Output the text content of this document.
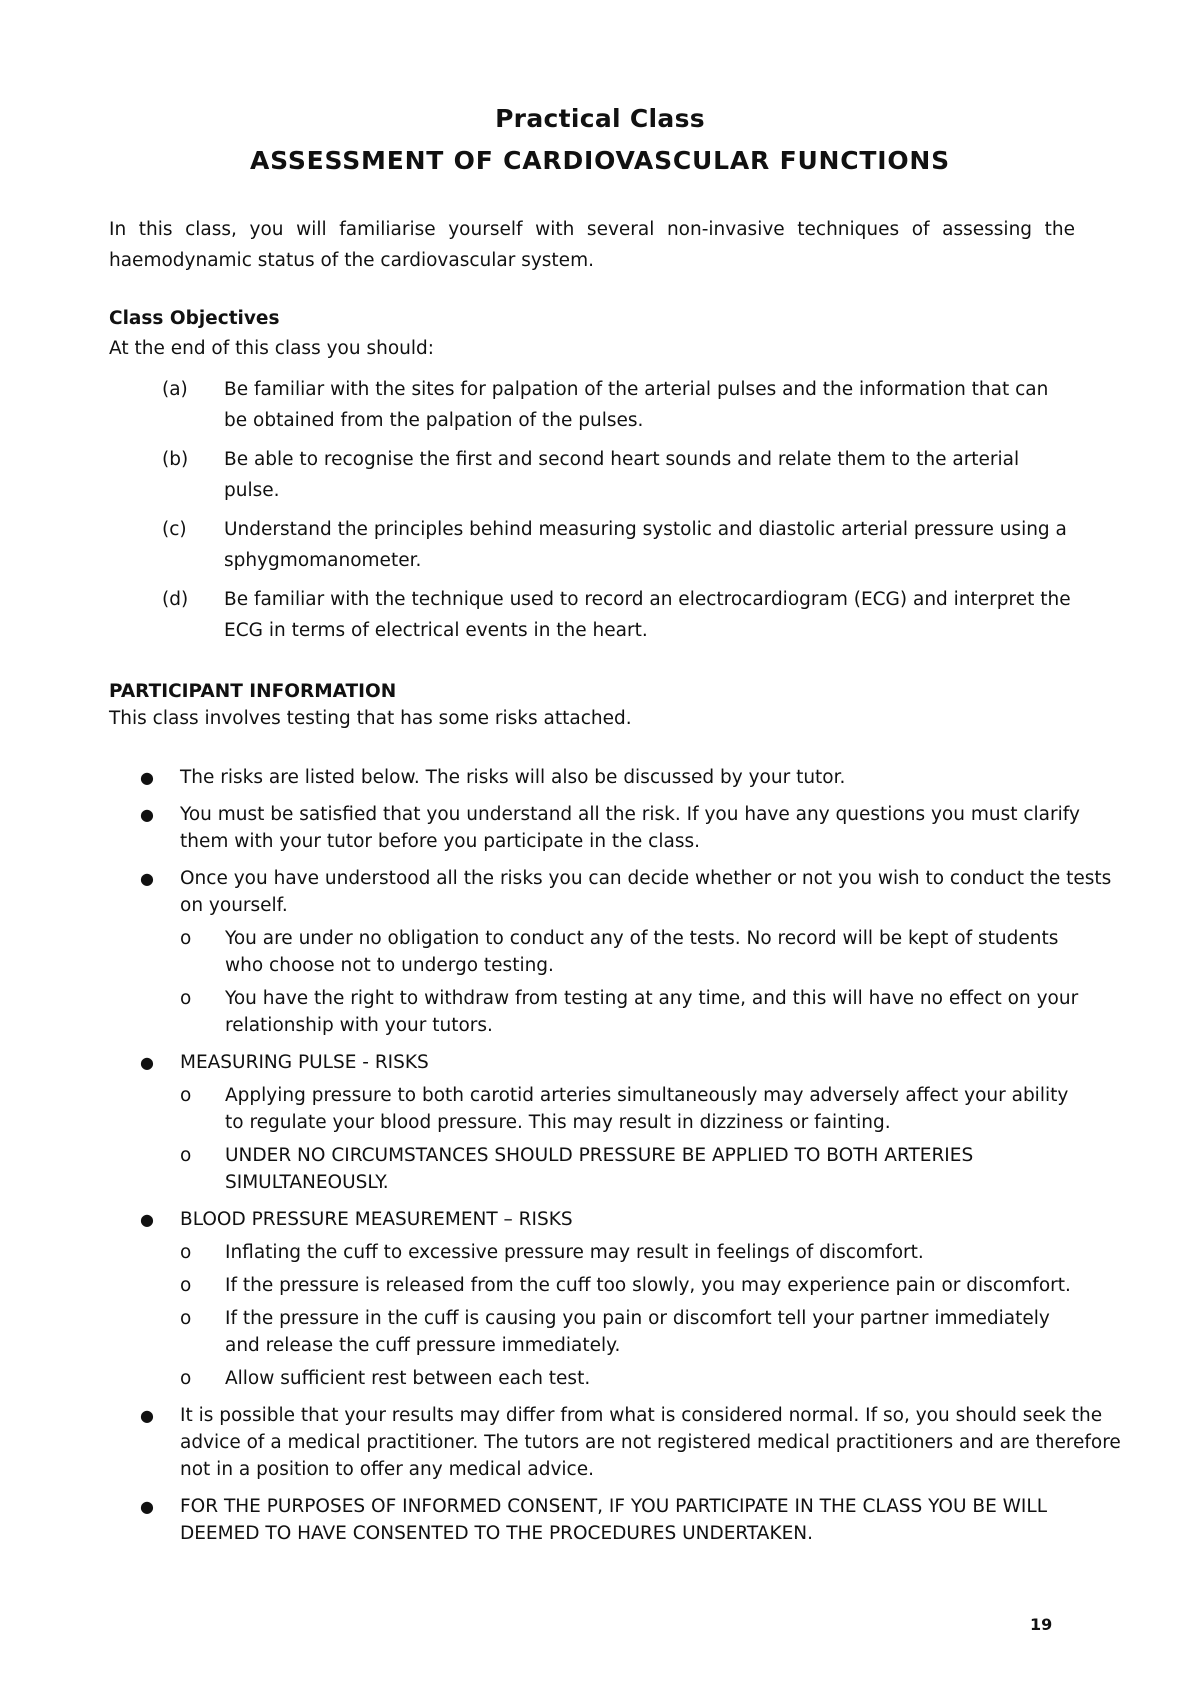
Practical Class
ASSESSMENT OF CARDIOVASCULAR FUNCTIONS
In this class, you will familiarise yourself with several non-invasive techniques of assessing the haemodynamic status of the cardiovascular system.
Class Objectives
At the end of this class you should:
(a)	Be familiar with the sites for palpation of the arterial pulses and the information that can be obtained from the palpation of the pulses.
(b)	Be able to recognise the first and second heart sounds and relate them to the arterial pulse.
(c)	Understand the principles behind measuring systolic and diastolic arterial pressure using a sphygmomanometer.
(d)	Be familiar with the technique used to record an electrocardiogram (ECG) and interpret the ECG in terms of electrical events in the heart.
PARTICIPANT INFORMATION
This class involves testing that has some risks attached.
●	The risks are listed below. The risks will also be discussed by your tutor.
●	You must be satisfied that you understand all the risk. If you have any questions you must clarify them with your tutor before you participate in the class.
●	Once you have understood all the risks you can decide whether or not you wish to conduct the tests on yourself.
o	You are under no obligation to conduct any of the tests. No record will be kept of students who choose not to undergo testing.
o	You have the right to withdraw from testing at any time, and this will have no effect on your relationship with your tutors.
●	MEASURING PULSE - RISKS
o	Applying pressure to both carotid arteries simultaneously may adversely affect your ability to regulate your blood pressure. This may result in dizziness or fainting.
o	UNDER NO CIRCUMSTANCES SHOULD PRESSURE BE APPLIED TO BOTH ARTERIES SIMULTANEOUSLY.
●	BLOOD PRESSURE MEASUREMENT – RISKS
o	Inflating the cuff to excessive pressure may result in feelings of discomfort.
o	If the pressure is released from the cuff too slowly, you may experience pain or discomfort.
o	If the pressure in the cuff is causing you pain or discomfort tell your partner immediately and release the cuff pressure immediately.
o	Allow sufficient rest between each test.
●	It is possible that your results may differ from what is considered normal. If so, you should seek the advice of a medical practitioner. The tutors are not registered medical practitioners and are therefore not in a position to offer any medical advice.
●	FOR THE PURPOSES OF INFORMED CONSENT, IF YOU PARTICIPATE IN THE CLASS YOU BE WILL DEEMED TO HAVE CONSENTED TO THE PROCEDURES UNDERTAKEN.
19
